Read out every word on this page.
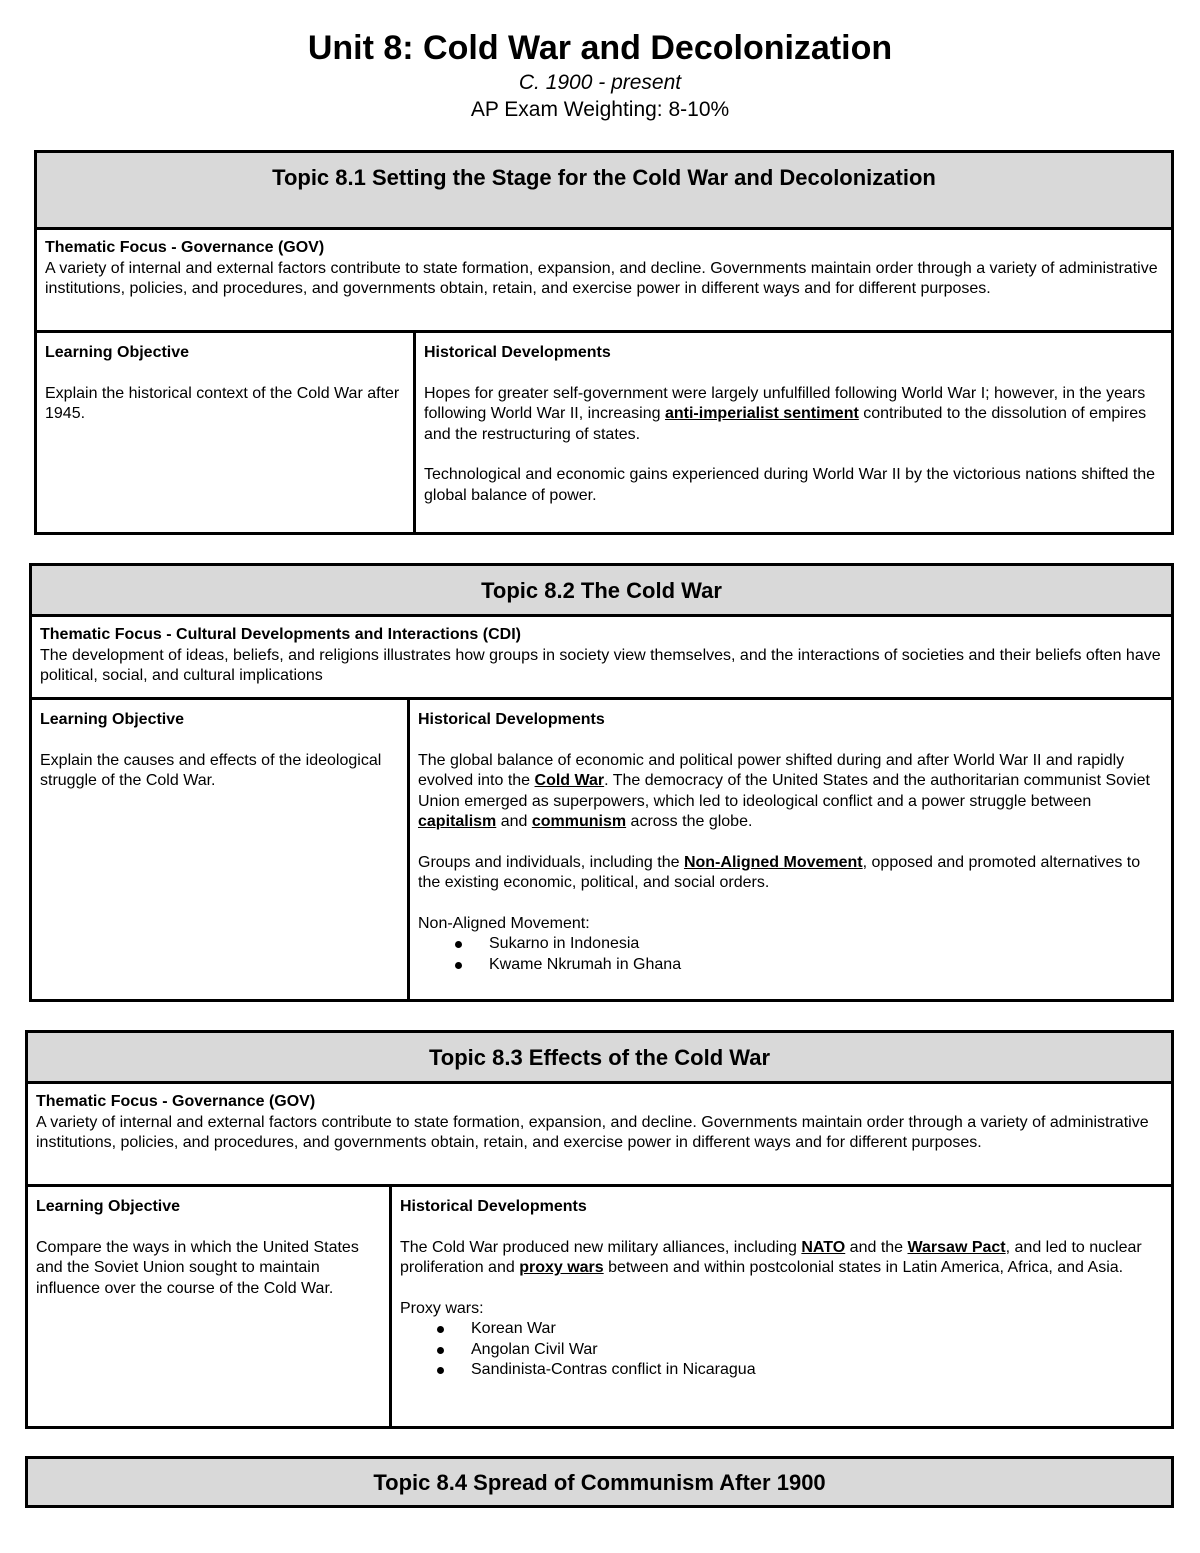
Unit 8: Cold War and Decolonization
C. 1900 - present
AP Exam Weighting: 8-10%
Topic 8.1 Setting the Stage for the Cold War and Decolonization
Thematic Focus - Governance (GOV)
A variety of internal and external factors contribute to state formation, expansion, and decline. Governments maintain order through a variety of administrative institutions, policies, and procedures, and governments obtain, retain, and exercise power in different ways and for different purposes.
Learning Objective
Explain the historical context of the Cold War after 1945.
Historical Developments

Hopes for greater self-government were largely unfulfilled following World War I; however, in the years following World War II, increasing anti-imperialist sentiment contributed to the dissolution of empires and the restructuring of states.

Technological and economic gains experienced during World War II by the victorious nations shifted the global balance of power.

Topic 8.2 The Cold War
Thematic Focus - Cultural Developments and Interactions (CDI)
The development of ideas, beliefs, and religions illustrates how groups in society view themselves, and the interactions of societies and their beliefs often have political, social, and cultural implications
Learning Objective
Explain the causes and effects of the ideological struggle of the Cold War.
Historical Developments

The global balance of economic and political power shifted during and after World War II and rapidly evolved into the Cold War. The democracy of the United States and the authoritarian communist Soviet Union emerged as superpowers, which led to ideological conflict and a power struggle between capitalism and communism across the globe.

Groups and individuals, including the Non-Aligned Movement, opposed and promoted alternatives to the existing economic, political, and social orders.

Non-Aligned Movement:
Sukarno in Indonesia
Kwame Nkrumah in Ghana
Topic 8.3 Effects of the Cold War
Thematic Focus - Governance (GOV)
A variety of internal and external factors contribute to state formation, expansion, and decline. Governments maintain order through a variety of administrative institutions, policies, and procedures, and governments obtain, retain, and exercise power in different ways and for different purposes.
Learning Objective
Compare the ways in which the United States and the Soviet Union sought to maintain influence over the course of the Cold War.
Historical Developments

The Cold War produced new military alliances, including NATO and the Warsaw Pact, and led to nuclear proliferation and proxy wars between and within postcolonial states in Latin America, Africa, and Asia.

Proxy wars:
Korean War
Angolan Civil War
Sandinista-Contras conflict in Nicaragua
Topic 8.4 Spread of Communism After 1900
